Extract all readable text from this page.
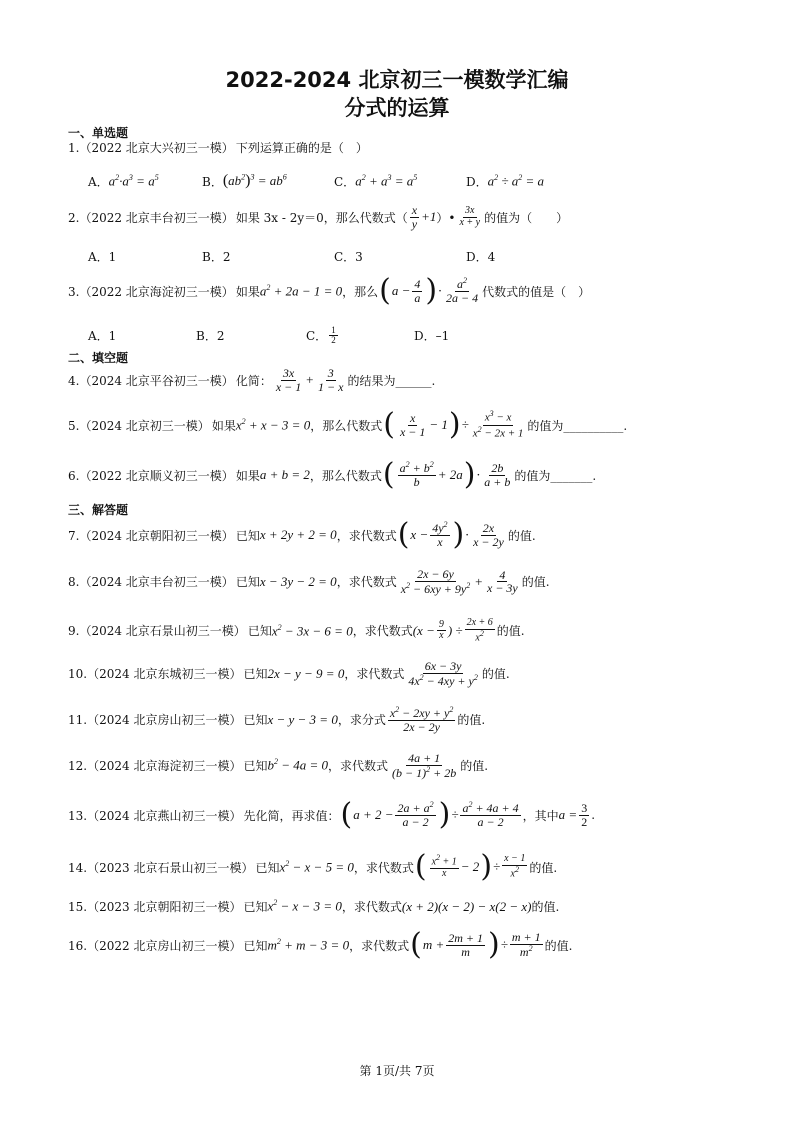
2022-2024 北京初三一模数学汇编
分式的运算
一、单选题
1.（2022 北京大兴初三一模） 下列运算正确的是（　）
A． $a^2\cdot a^3 = a^5$	B． $(ab^2)^3 = ab^6$	C． $a^2 + a^3 = a^5$	D． $a^2 \div a^2 = a$
2.（2022 北京丰台初三一模） 如果 3x - 2y＝0，那么代数式（ $\frac{x}{y} +1$ ）• $\frac{3x}{x + y}$ 的值为（　　）
A．1	B．2	C．3	D．4
3.（2022 北京海淀初三一模） 如果 $a^2 + 2a - 1 = 0$ ，那么 ( $a - \frac{4}{a}$ ) · $\frac{a^2}{2a - 4}$ 代数式的值是（　）
A．1	B．2	C． $\frac{1}{2}$	D．–1
二、填空题
4.（2024 北京平谷初三一模） 化简： $\frac{3x}{x - 1} + \frac{3}{1 - x}$ 的结果为______.
5.（2024 北京初三一模） 如果 $x^2 + x - 3 = 0$ ，那么代数式 ( $\frac{x}{x - 1} - 1$ ) ÷ $\frac{x^3 - x}{x^2 - 2x + 1}$ 的值为__________.
6.（2022 北京顺义初三一模） 如果 a + b = 2 ，那么代数式 ( $\frac{a^2 + b^2}{b} + 2a$ ) · $\frac{2b}{a + b}$ 的值为_______.
三、解答题
7.（2024 北京朝阳初三一模） 已知 x + 2y + 2 = 0 ，求代数式 ( $x - \frac{4y^2}{x}$ ) · $\frac{2x}{x - 2y}$ 的值.
8.（2024 北京丰台初三一模） 已知 x − 3y − 2 = 0 ，求代数式 $\frac{2x - 6y}{x^2 - 6xy + 9y^2} + \frac{4}{x - 3y}$ 的值.
9.（2024 北京石景山初三一模） 已知 $x^2 - 3x - 6 = 0$ ，求代数式 ($x - \frac{9}{x}$ ) ÷ $\frac{2x + 6}{x^2}$ 的值.
10.（2024 北京东城初三一模） 已知 2x − y − 9 = 0 ，求代数式 $\frac{6x - 3y}{4x^2 - 4xy + y^2}$ 的值.
11.（2024 北京房山初三一模） 已知 x − y − 3 = 0 ，求分式 $\frac{x^2 - 2xy + y^2}{2x - 2y}$ 的值.
12.（2024 北京海淀初三一模） 已知 $b^2 - 4a = 0$ ，求代数式 $\frac{4a + 1}{(b - 1)^2 + 2b}$ 的值.
13.（2024 北京燕山初三一模） 先化简，再求值： ( $a + 2 - \frac{2a + a^2}{a - 2}$ ) ÷ $\frac{a^2 + 4a + 4}{a - 2}$ ，其中 $a = \frac{3}{2}$ .
14.（2023 北京石景山初三一模） 已知 $x^2 - x - 5 = 0$ ，求代数式 ( $\frac{x^2 + 1}{x} - 2$ ) ÷ $\frac{x - 1}{x^2}$ 的值.
15.（2023 北京朝阳初三一模） 已知 $x^2 - x - 3 = 0$ ，求代数式 (x + 2)(x − 2) − x(2 − x) 的值.
16.（2022 北京房山初三一模） 已知 $m^2 + m - 3 = 0$ ，求代数式 ( $m + \frac{2m + 1}{m}$ ) ÷ $\frac{m + 1}{m^2}$ 的值.
第 1页/共 7页
